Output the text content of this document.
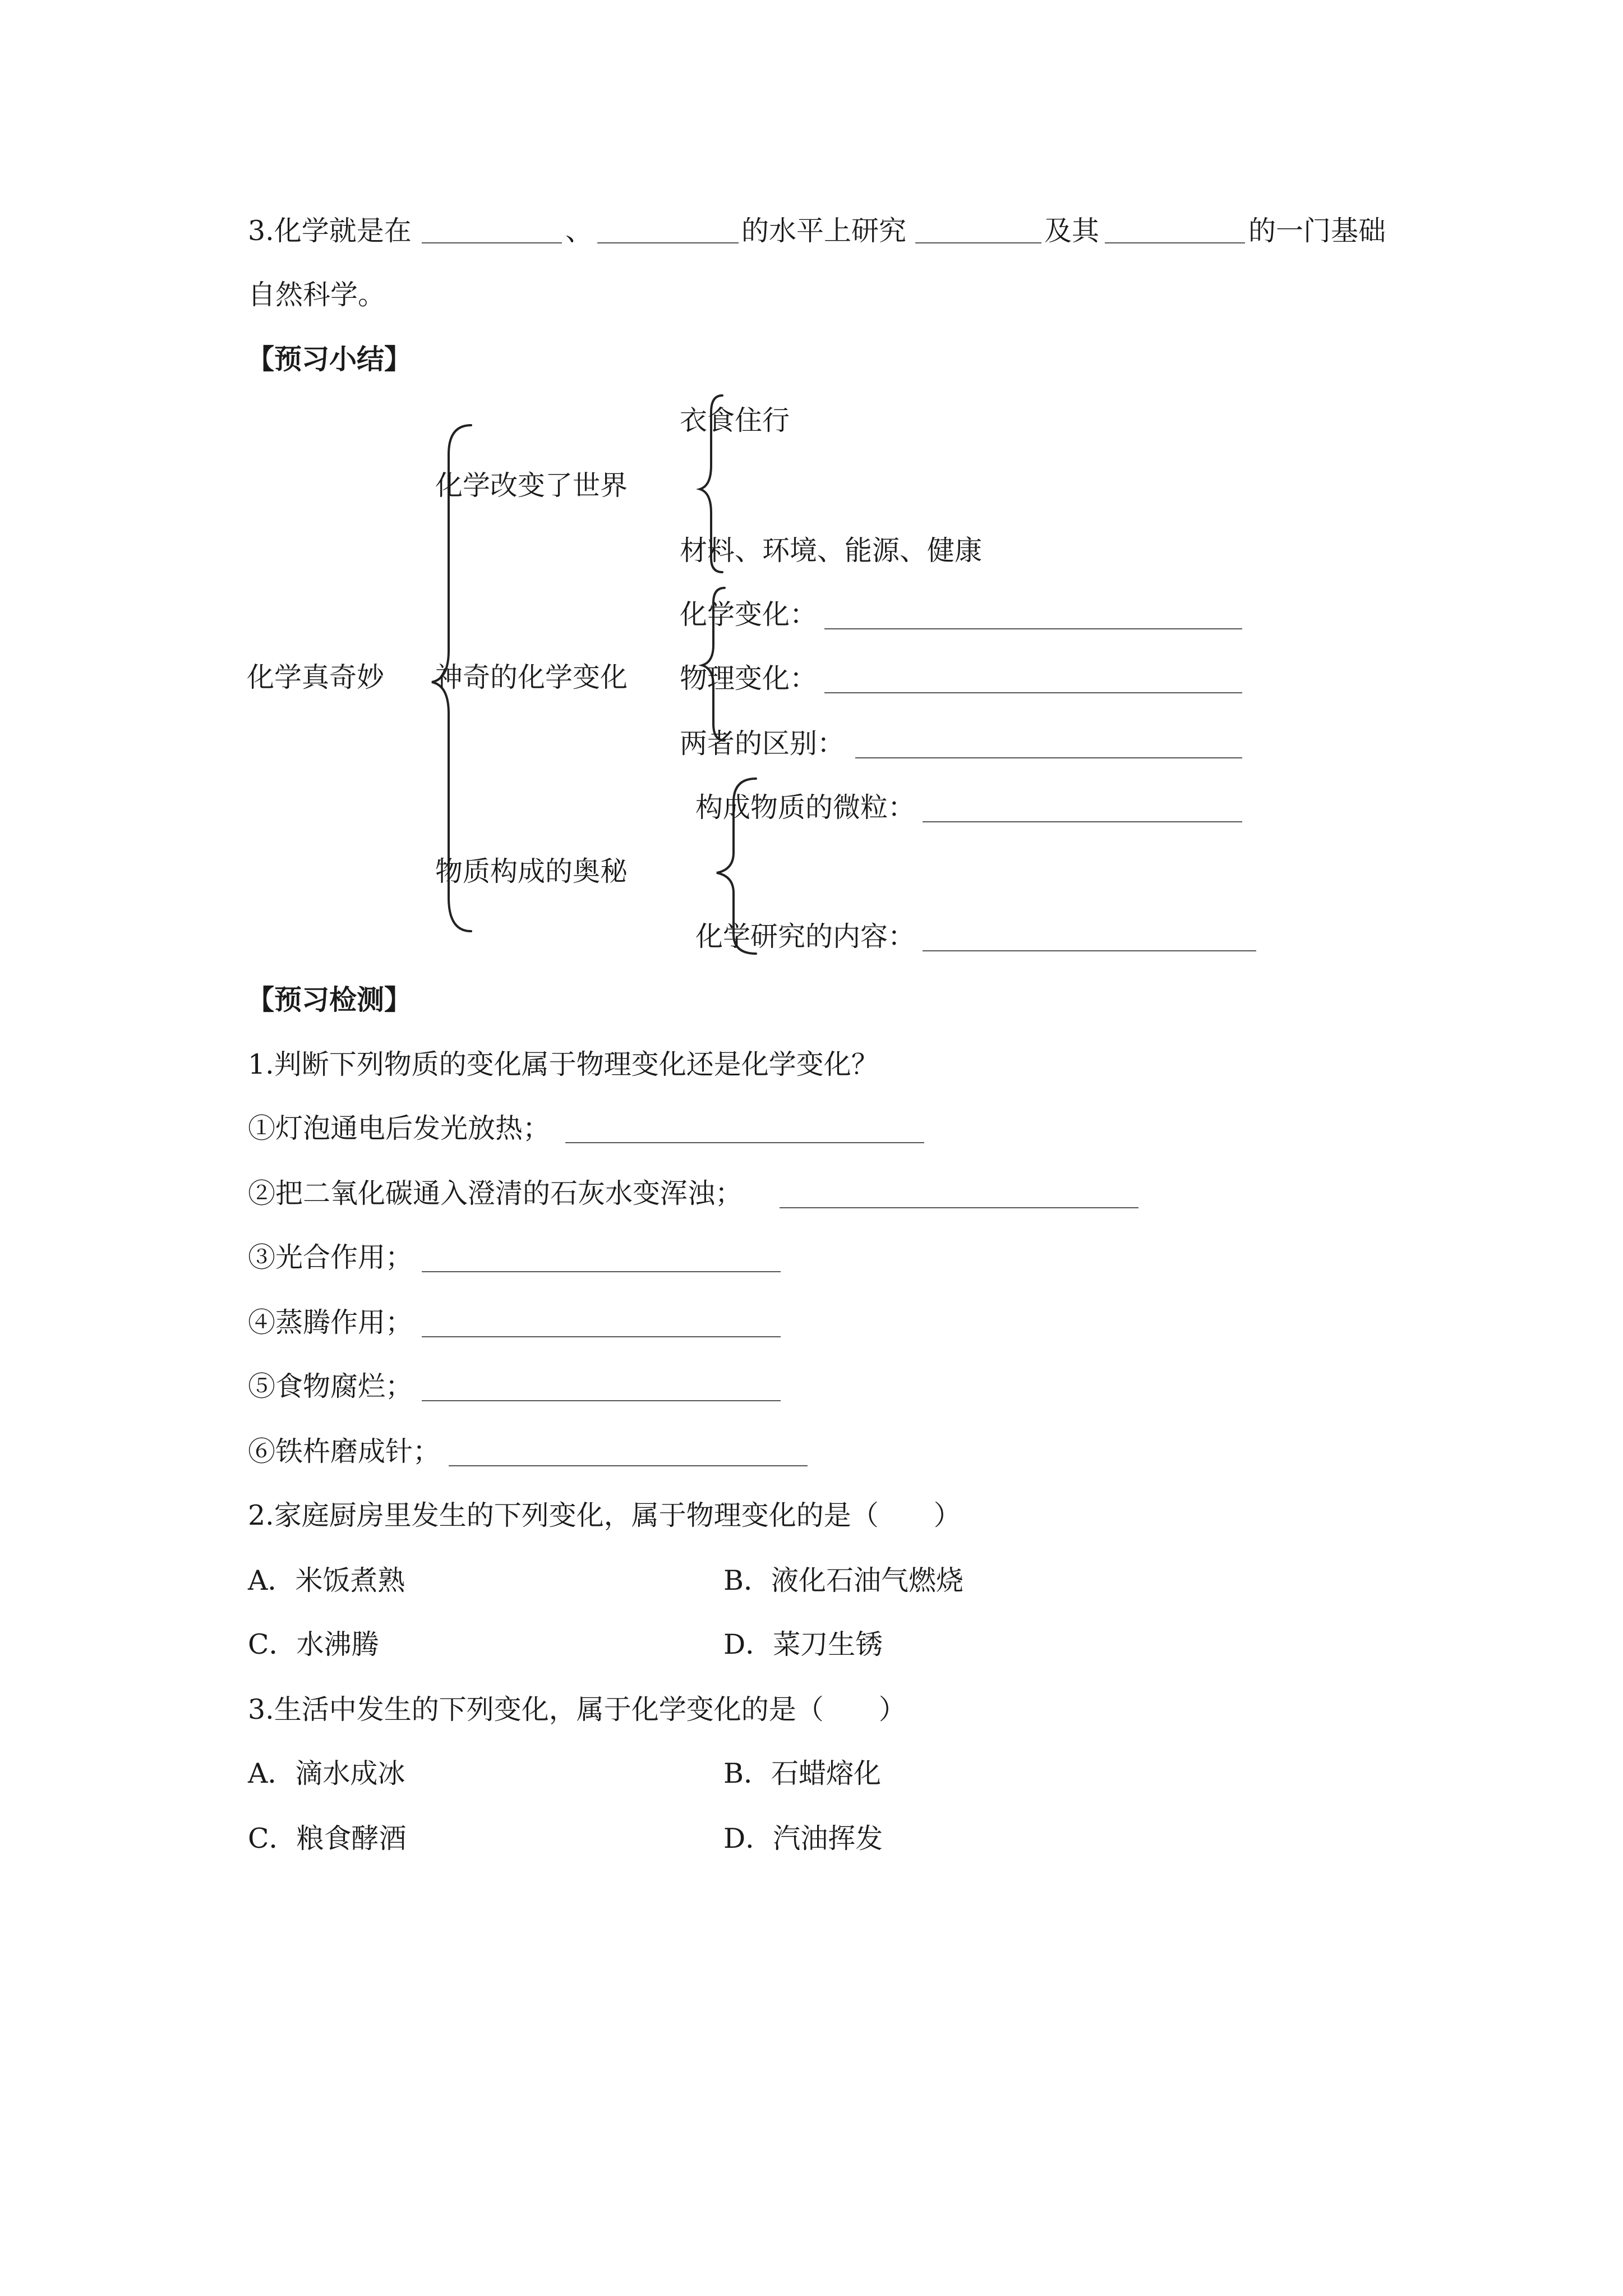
3.化学就是在	、	的水平上研究	及其	的一门基础
自然科学。
【预习小结】
化学真奇妙
化学改变了世界
衣食住行
材料、环境、能源、健康
神奇的化学变化
化学变化：
物理变化：
两者的区别：
物质构成的奥秘
构成物质的微粒：
化学研究的内容：
【预习检测】
1.判断下列物质的变化属于物理变化还是化学变化？
①灯泡通电后发光放热；
②把二氧化碳通入澄清的石灰水变浑浊；
③光合作用；
④蒸腾作用；
⑤食物腐烂；
⑥铁杵磨成针；
2.家庭厨房里发生的下列变化，属于物理变化的是（　　）
A．米饭煮熟	B．液化石油气燃烧
C．水沸腾	D．菜刀生锈
3.生活中发生的下列变化，属于化学变化的是（　　）
A．滴水成冰	B．石蜡熔化
C．粮食酵酒	D．汽油挥发
